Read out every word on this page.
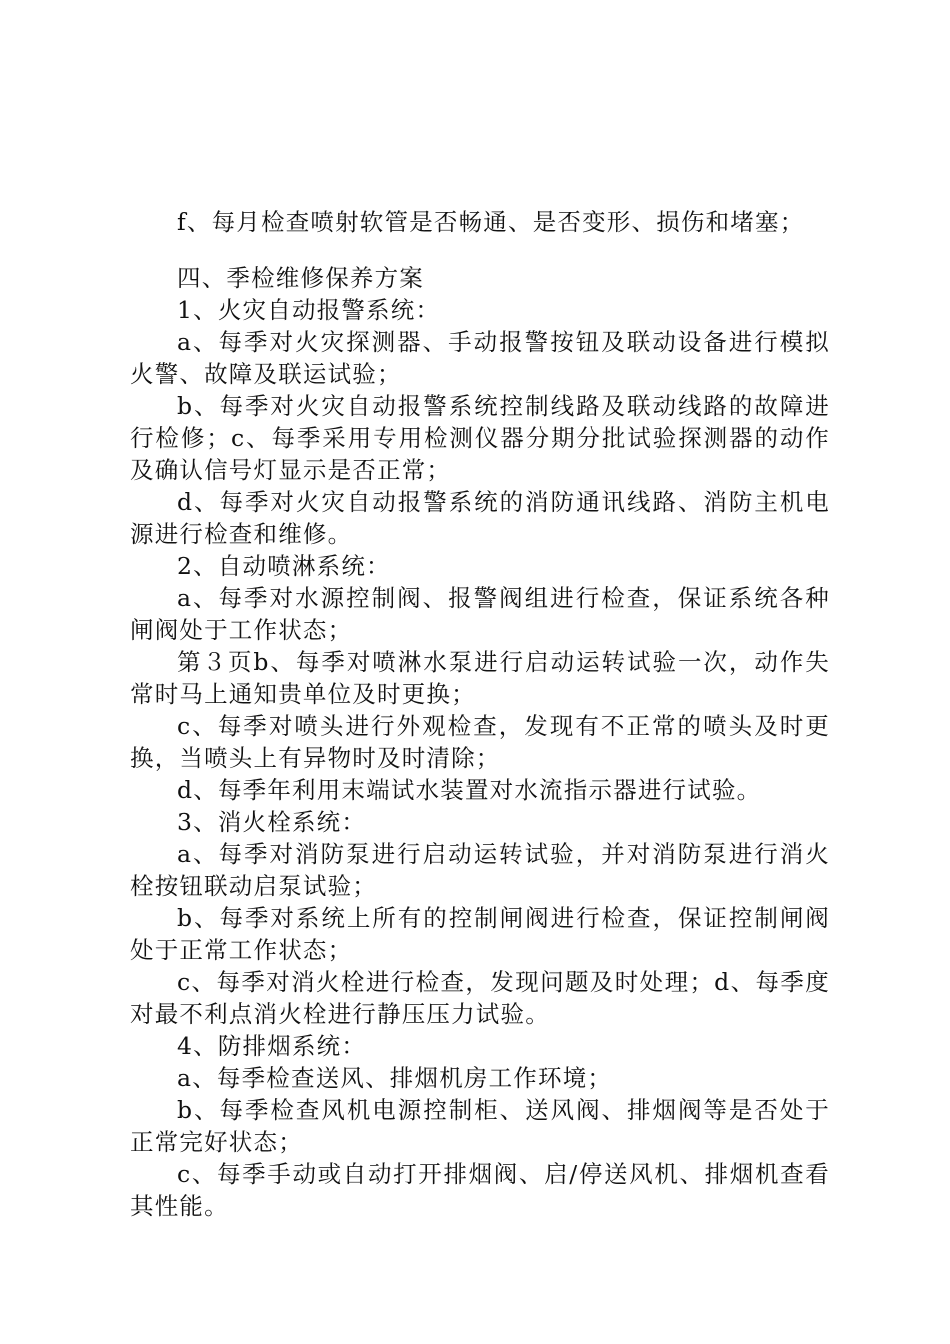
f、每月检查喷射软管是否畅通、是否变形、损伤和堵塞；

四、季检维修保养方案

1、火灾自动报警系统：

a、每季对火灾探测器、手动报警按钮及联动设备进行模拟火警、故障及联运试验；

b、每季对火灾自动报警系统控制线路及联动线路的故障进行检修；c、每季采用专用检测仪器分期分批试验探测器的动作及确认信号灯显示是否正常；

d、每季对火灾自动报警系统的消防通讯线路、消防主机电源进行检查和维修。

2、自动喷淋系统：

a、每季对水源控制阀、报警阀组进行检查，保证系统各种闸阀处于工作状态；

第３页b、每季对喷淋水泵进行启动运转试验一次，动作失常时马上通知贵单位及时更换；

c、每季对喷头进行外观检查，发现有不正常的喷头及时更换，当喷头上有异物时及时清除；

d、每季年利用末端试水装置对水流指示器进行试验。

3、消火栓系统：

a、每季对消防泵进行启动运转试验，并对消防泵进行消火栓按钮联动启泵试验；

b、每季对系统上所有的控制闸阀进行检查，保证控制闸阀处于正常工作状态；

c、每季对消火栓进行检查，发现问题及时处理；d、每季度对最不利点消火栓进行静压压力试验。

4、防排烟系统：

a、每季检查送风、排烟机房工作环境；

b、每季检查风机电源控制柜、送风阀、排烟阀等是否处于正常完好状态；

c、每季手动或自动打开排烟阀、启/停送风机、排烟机查看其性能。
